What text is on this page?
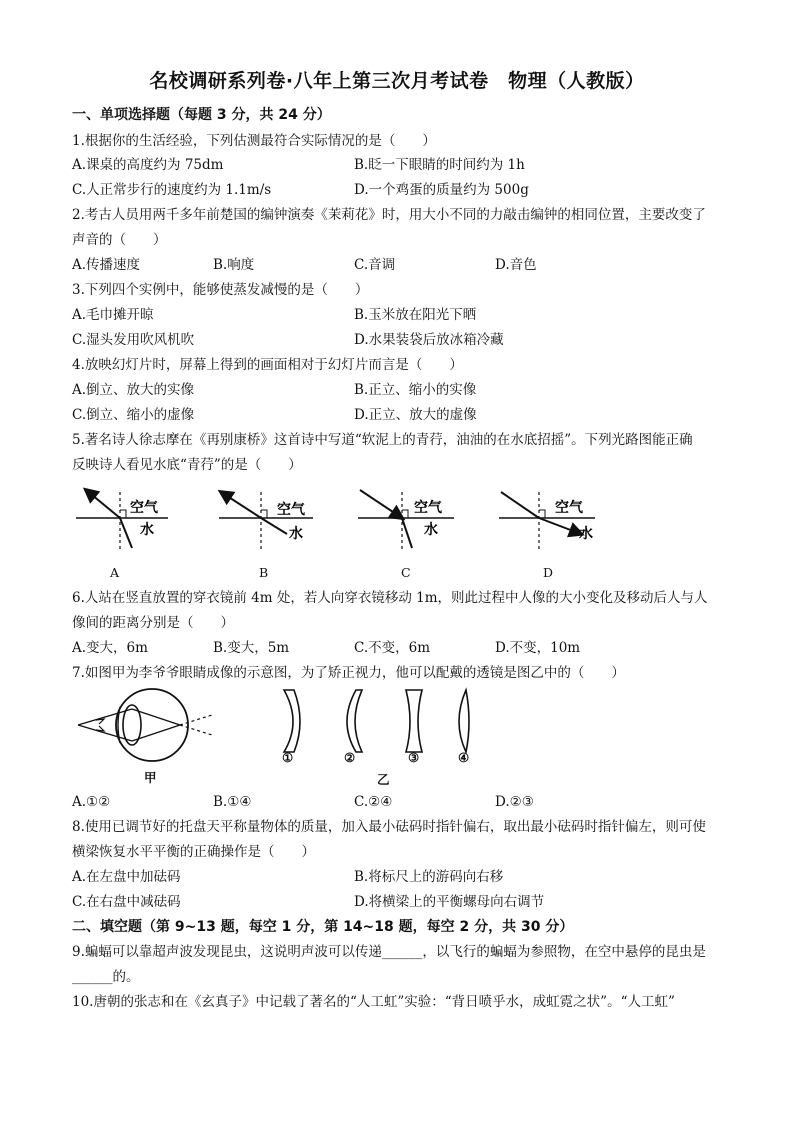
名校调研系列卷·八年上第三次月考试卷　物理（人教版）
一、单项选择题（每题 3 分，共 24 分）
1.根据你的生活经验，下列估测最符合实际情况的是（　　）
A.课桌的高度约为 75dm	B.眨一下眼睛的时间约为 1h
C.人正常步行的速度约为 1.1m/s	D.一个鸡蛋的质量约为 500g
2.考古人员用两千多年前楚国的编钟演奏《茉莉花》时，用大小不同的力敲击编钟的相同位置，主要改变了
声音的（　　）
A.传播速度	B.响度	C.音调	D.音色
3.下列四个实例中，能够使蒸发减慢的是（　　）
A.毛巾摊开晾	B.玉米放在阳光下晒
C.湿头发用吹风机吹	D.水果装袋后放冰箱冷藏
4.放映幻灯片时，屏幕上得到的画面相对于幻灯片而言是（　　）
A.倒立、放大的实像	B.正立、缩小的实像
C.倒立、缩小的虚像	D.正立、放大的虚像
5.著名诗人徐志摩在《再别康桥》这首诗中写道“软泥上的青荇，油油的在水底招摇”。下列光路图能正确
反映诗人看见水底“青荇”的是（　　）
空气
水
A
空气
水
B
空气
水
C
空气
水
D
6.人站在竖直放置的穿衣镜前 4m 处，若人向穿衣镜移动 1m，则此过程中人像的大小变化及移动后人与人
像间的距离分别是（　　）
A.变大，6m	B.变大，5m	C.不变，6m	D.不变，10m
7.如图甲为李爷爷眼睛成像的示意图，为了矫正视力，他可以配戴的透镜是图乙中的（　　）
甲
①	②	③	④
乙
A.①②	B.①④	C.②④	D.②③
8.使用已调节好的托盘天平称量物体的质量，加入最小砝码时指针偏右，取出最小砝码时指针偏左，则可使
横梁恢复水平平衡的正确操作是（　　）
A.在左盘中加砝码	B.将标尺上的游码向右移
C.在右盘中减砝码	D.将横梁上的平衡螺母向右调节
二、填空题（第 9~13 题，每空 1 分，第 14~18 题，每空 2 分，共 30 分）
9.蝙蝠可以靠超声波发现昆虫，这说明声波可以传递______，以飞行的蝙蝠为参照物，在空中悬停的昆虫是
______的。
10.唐朝的张志和在《玄真子》中记载了著名的“人工虹”实验：“背日喷乎水，成虹霓之状”。“人工虹”
